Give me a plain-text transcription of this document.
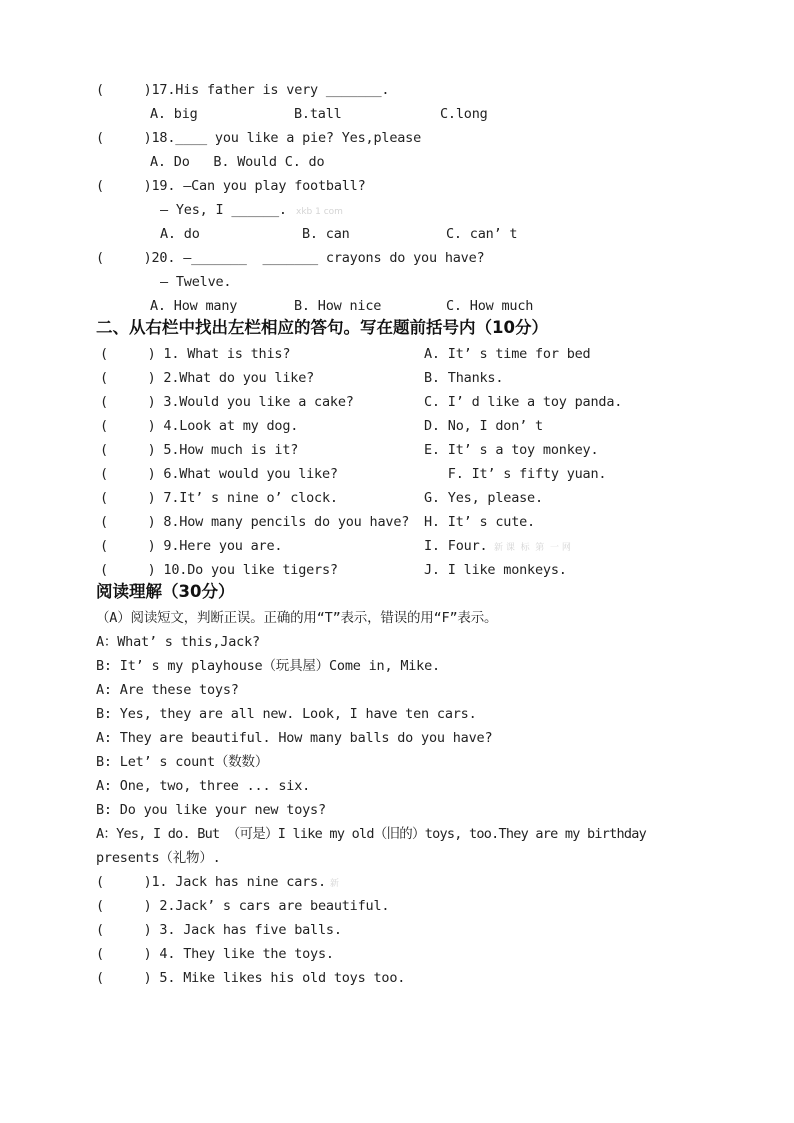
(     )17.His father is very _______.
A. big	B.tall	C.long
(     )18.____ you like a pie? Yes,please
A. Do   B. Would C. do
(     )19. —Can you play football?
— Yes, I ______. xkb 1 com
A. do	B. can	C. can’ t
(     )20. —_______  _______ crayons do you have?
— Twelve.
A. How many	B. How nice	C. How much
二、从右栏中找出左栏相应的答句。写在题前括号内（10分）
(     ) 1. What is this?	A. It’ s time for bed
(     ) 2.What do you like?	B. Thanks.
(     ) 3.Would you like a cake?	C. I’ d like a toy panda.
(     ) 4.Look at my dog.	D. No, I don’ t
(     ) 5.How much is it?	E. It’ s a toy monkey.
(     ) 6.What would you like?	F. It’ s fifty yuan.
(     ) 7.It’ s nine o’ clock.	G. Yes, please.
(     ) 8.How many pencils do you have? H. It’ s cute.
(     ) 9.Here you are.	I. Four. 新 课  标  第  一 网
(     ) 10.Do you like tigers?	J. I like monkeys.
阅读理解（30分）
（A）阅读短文，判断正误。正确的用“T”表示，错误的用“F”表示。
A：What’ s this,Jack?
B: It’ s my playhouse（玩具屋）Come in, Mike.
A: Are these toys?
B: Yes, they are all new. Look, I have ten cars.
A: They are beautiful. How many balls do you have?
B: Let’ s count（数数）
A: One, two, three ... six.
B: Do you like your new toys?
A：Yes, I do. But （可是）I like my old（旧的）toys, too.They are my birthday
presents（礼物）.
(     )1. Jack has nine cars. 新
(     ) 2.Jack’ s cars are beautiful.
(     ) 3. Jack has five balls.
(     ) 4. They like the toys.
(     ) 5. Mike likes his old toys too.
